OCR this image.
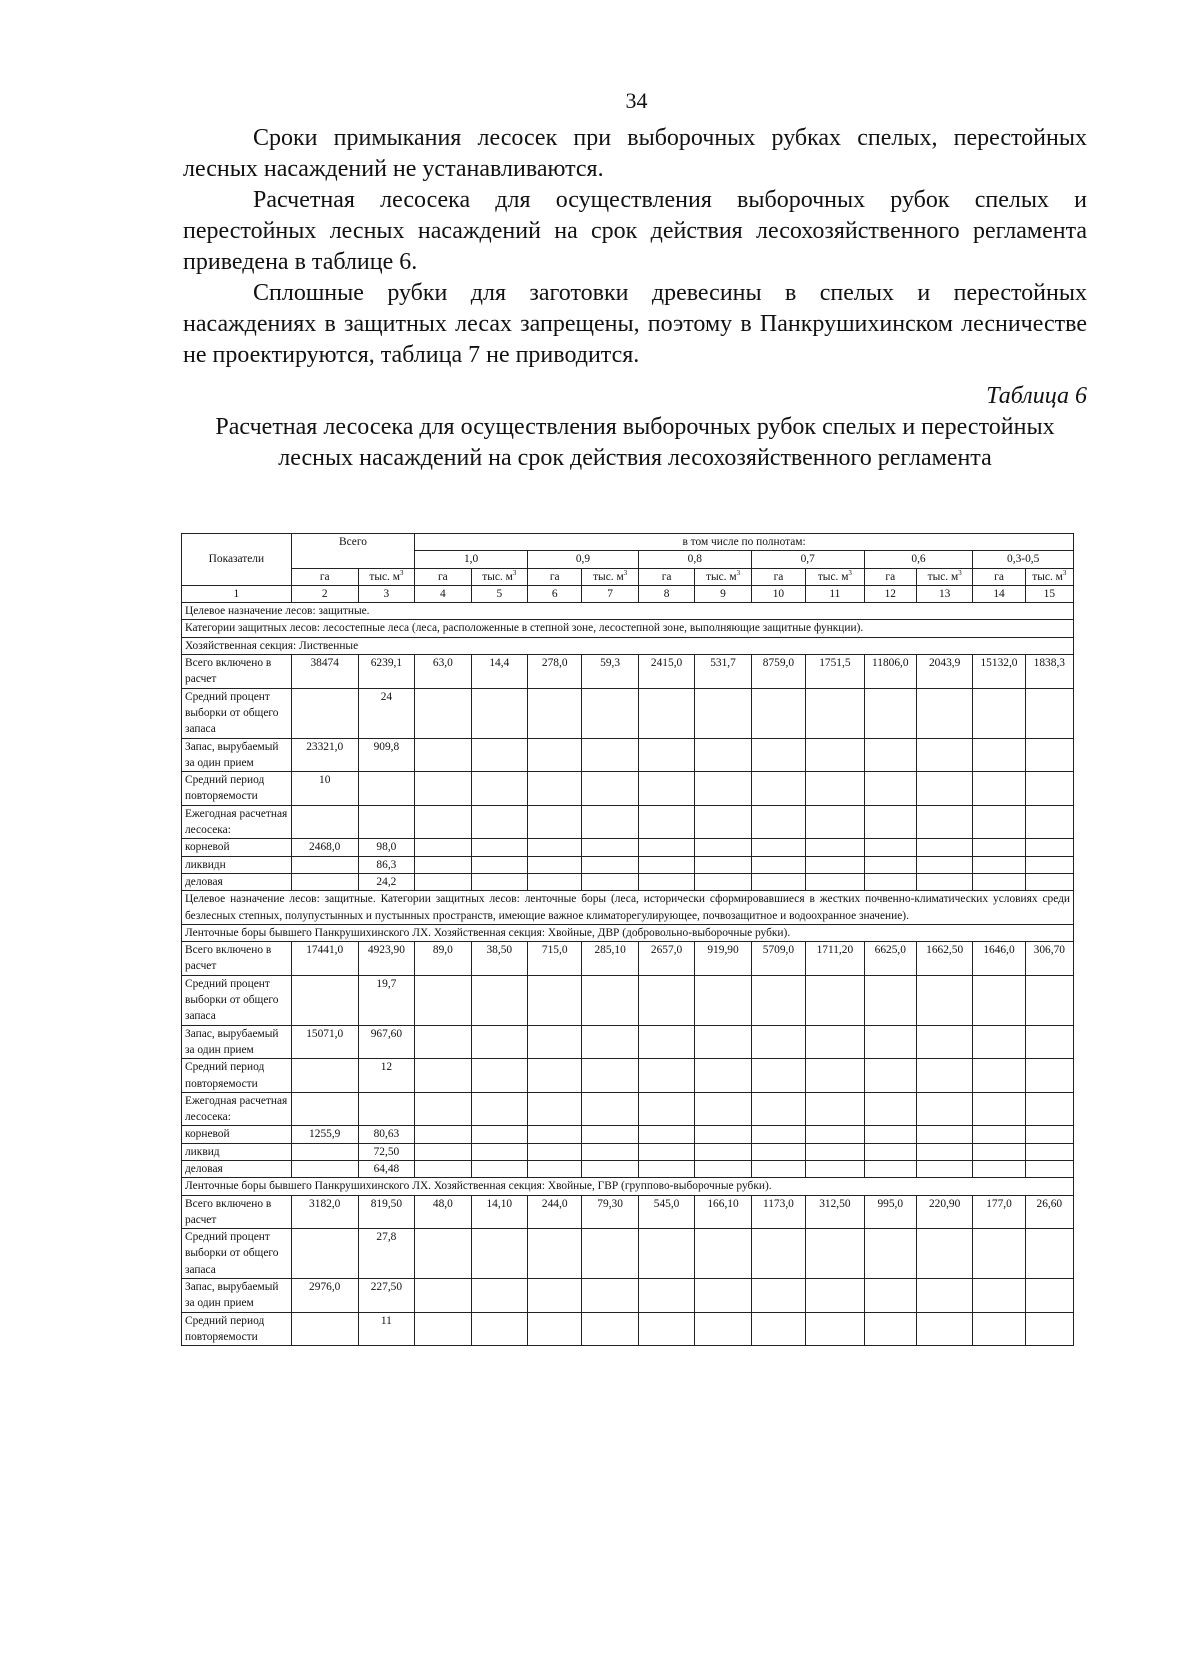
34

Сроки примыкания лесосек при выборочных рубках спелых, перестойных лесных насаждений не устанавливаются.

Расчетная лесосека для осуществления выборочных рубок спелых и перестойных лесных насаждений на срок действия лесохозяйственного регламента приведена в таблице 6.

Сплошные рубки для заготовки древесины в спелых и перестойных насаждениях в защитных лесах запрещены, поэтому в Панкрушихинском лесничестве не проектируются, таблица 7 не приводится.

Таблица 6
Расчетная лесосека для осуществления выборочных рубок спелых и перестойных лесных насаждений на срок действия лесохозяйственного регламента
Показатели	Всего		в том числе по полнотам:											
			1,0		0,9		0,8		0,7		0,6		0,3-0,5	
	га	тыс. $м^3$	га	тыс. $м^3$	га	тыс. $м^3$	га	тыс. $м^3$	га	тыс. $м^3$	га	тыс. $м^3$	га	тыс. $м^3$
1	2	3	4	5	6	7	8	9	10	11	12	13	14	15
Целевое назначение лесов: защитные.														
Категории защитных лесов: лесостепные леса (леса, расположенные в степной зоне, лесостепной зоне, выполняющие защитные функции).														
Хозяйственная секция: Лиственные														
Всего включено в расчет	38474	6239,1	63,0	14,4	278,0	59,3	2415,0	531,7	8759,0	1751,5	11806,0	2043,9	15132,0	1838,3
Средний процент выборки от общего запаса		24												
Запас, вырубаемый за один прием	23321,0	909,8												
Средний период повторяемости	10													
Ежегодная расчетная лесосека:														
корневой	2468,0	98,0												
ликвидн		86,3												
деловая		24,2												
Целевое назначение лесов: защитные. Категории защитных лесов: ленточные боры (леса, исторически сформировавшиеся в жестких почвенно-климатических условиях среди безлесных степных, полупустынных и пустынных пространств, имеющие важное климаторегулирующее, почвозащитное и водоохранное значение).														
Ленточные боры бывшего Панкрушихинского ЛХ. Хозяйственная секция: Хвойные, ДВР (добровольно-выборочные рубки).														
Всего включено в расчет	17441,0	4923,90	89,0	38,50	715,0	285,10	2657,0	919,90	5709,0	1711,20	6625,0	1662,50	1646,0	306,70
Средний процент выборки от общего запаса		19,7												
Запас, вырубаемый за один прием	15071,0	967,60												
Средний период повторяемости		12												
Ежегодная расчетная лесосека:														
корневой	1255,9	80,63												
ликвид		72,50												
деловая		64,48												
Ленточные боры бывшего Панкрушихинского ЛХ. Хозяйственная секция: Хвойные, ГВР (группово-выборочные рубки).														
Всего включено в расчет	3182,0	819,50	48,0	14,10	244,0	79,30	545,0	166,10	1173,0	312,50	995,0	220,90	177,0	26,60
Средний процент выборки от общего запаса		27,8												
Запас, вырубаемый за один прием	2976,0	227,50												
Средний период повторяемости		11												
